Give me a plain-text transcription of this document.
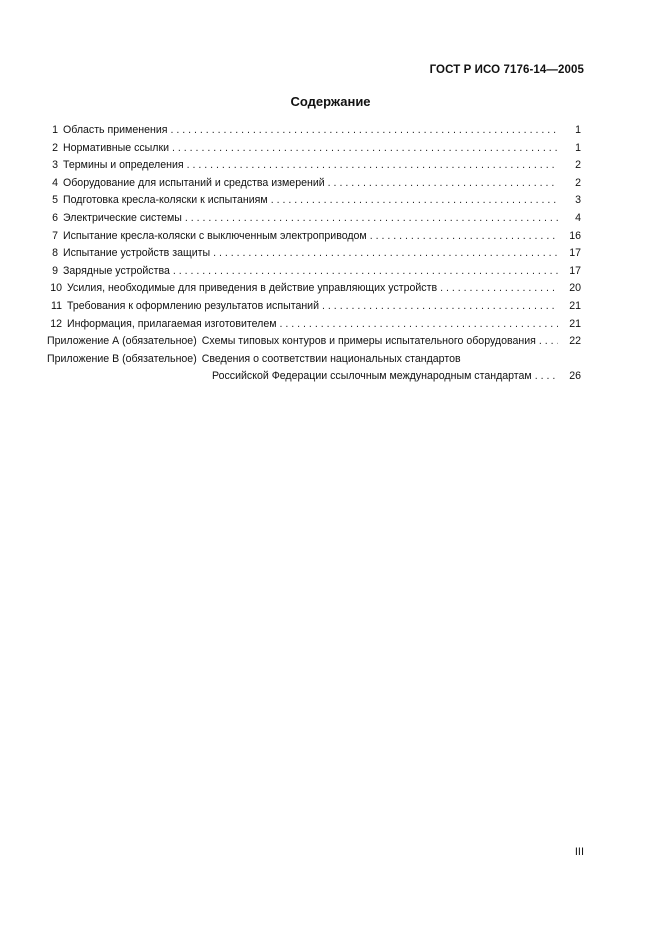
ГОСТ Р ИСО 7176-14—2005
Содержание
1 Область применения . . .	1
2 Нормативные ссылки . . .	1
3 Термины и определения . . .	2
4 Оборудование для испытаний и средства измерений . . .	2
5 Подготовка кресла-коляски к испытаниям . . .	3
6 Электрические системы . . .	4
7 Испытание кресла-коляски с выключенным электроприводом . . .	16
8 Испытание устройств защиты . . .	17
9 Зарядные устройства . . .	17
10 Усилия, необходимые для приведения в действие управляющих устройств . . .	20
11 Требования к оформлению результатов испытаний . . .	21
12 Информация, прилагаемая изготовителем . . .	21
Приложение А (обязательное) Схемы типовых контуров и примеры испытательного оборудования . . .	22
Приложение В (обязательное) Сведения о соответствии национальных стандартов
Российской Федерации ссылочным международным стандартам . . .	26
III
